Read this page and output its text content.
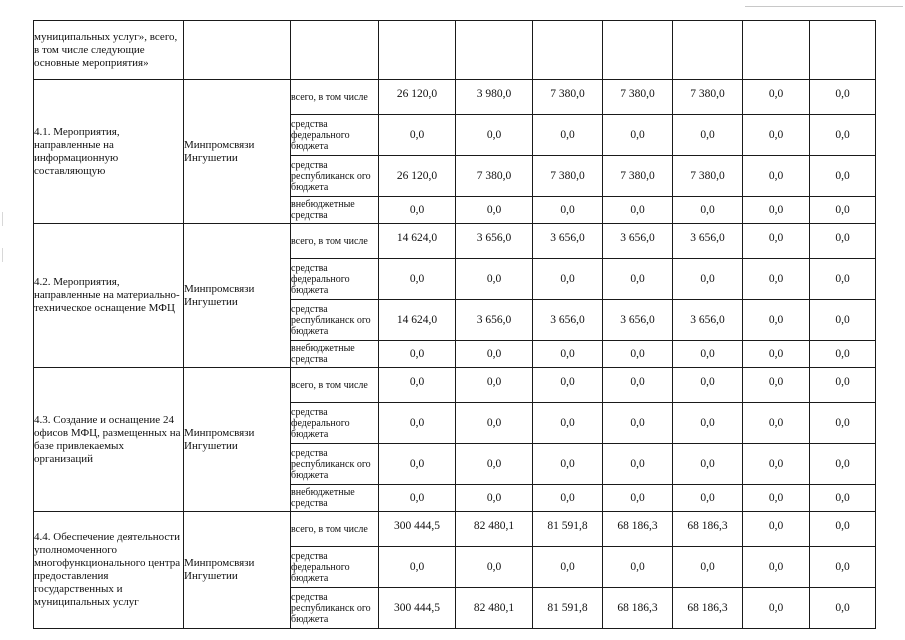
муниципальных услуг», всего, в том числе следующие основные мероприятия»									
4.1. Мероприятия, направленные на информационную составляющую	Минпромсвязи Ингушетии	всего, в том числе	26 120,0	3 980,0	7 380,0	7 380,0	7 380,0	0,0	0,0
		средства федерального бюджета	0,0	0,0	0,0	0,0	0,0	0,0	0,0
		средства республиканск ого бюджета	26 120,0	7 380,0	7 380,0	7 380,0	7 380,0	0,0	0,0
		внебюджетные средства	0,0	0,0	0,0	0,0	0,0	0,0	0,0
4.2. Мероприятия, направленные на материально-техническое оснащение МФЦ	Минпромсвязи Ингушетии	всего, в том числе	14 624,0	3 656,0	3 656,0	3 656,0	3 656,0	0,0	0,0
		средства федерального бюджета	0,0	0,0	0,0	0,0	0,0	0,0	0,0
		средства республиканск ого бюджета	14 624,0	3 656,0	3 656,0	3 656,0	3 656,0	0,0	0,0
		внебюджетные средства	0,0	0,0	0,0	0,0	0,0	0,0	0,0
4.3. Создание и оснащение 24 офисов МФЦ, размещенных на базе привлекаемых организаций	Минпромсвязи Ингушетии	всего, в том числе	0,0	0,0	0,0	0,0	0,0	0,0	0,0
		средства федерального бюджета	0,0	0,0	0,0	0,0	0,0	0,0	0,0
		средства республиканск ого бюджета	0,0	0,0	0,0	0,0	0,0	0,0	0,0
		внебюджетные средства	0,0	0,0	0,0	0,0	0,0	0,0	0,0
4.4. Обеспечение деятельности уполномоченного многофункционального центра предоставления государственных и муниципальных услуг	Минпромсвязи Ингушетии	всего, в том числе	300 444,5	82 480,1	81 591,8	68 186,3	68 186,3	0,0	0,0
		средства федерального бюджета	0,0	0,0	0,0	0,0	0,0	0,0	0,0
		средства республиканск ого бюджета	300 444,5	82 480,1	81 591,8	68 186,3	68 186,3	0,0	0,0
